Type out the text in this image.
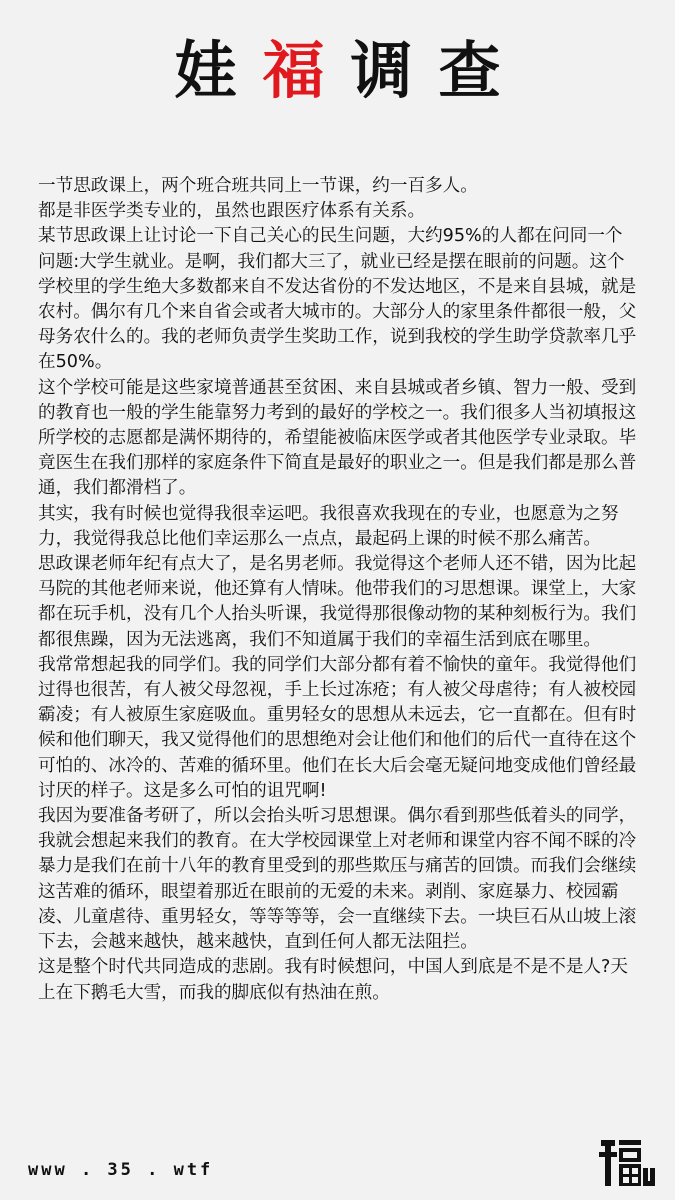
娃福调查

一节思政课上，两个班合班共同上一节课，约一百多人。

都是非医学类专业的，虽然也跟医疗体系有关系。

某节思政课上让讨论一下自己关心的民生问题，大约95%的人都在问同一个问题:大学生就业。是啊，我们都大三了，就业已经是摆在眼前的问题。这个学校里的学生绝大多数都来自不发达省份的不发达地区，不是来自县城，就是农村。偶尔有几个来自省会或者大城市的。大部分人的家里条件都很一般，父母务农什么的。我的老师负责学生奖助工作，说到我校的学生助学贷款率几乎在50%。

这个学校可能是这些家境普通甚至贫困、来自县城或者乡镇、智力一般、受到的教育也一般的学生能靠努力考到的最好的学校之一。我们很多人当初填报这所学校的志愿都是满怀期待的，希望能被临床医学或者其他医学专业录取。毕竟医生在我们那样的家庭条件下简直是最好的职业之一。但是我们都是那么普通，我们都滑档了。

其实，我有时候也觉得我很幸运吧。我很喜欢我现在的专业，也愿意为之努力，我觉得我总比他们幸运那么一点点，最起码上课的时候不那么痛苦。

思政课老师年纪有点大了，是名男老师。我觉得这个老师人还不错，因为比起马院的其他老师来说，他还算有人情味。他带我们的习思想课。课堂上，大家都在玩手机，没有几个人抬头听课，我觉得那很像动物的某种刻板行为。我们都很焦躁，因为无法逃离，我们不知道属于我们的幸福生活到底在哪里。

我常常想起我的同学们。我的同学们大部分都有着不愉快的童年。我觉得他们过得也很苦，有人被父母忽视，手上长过冻疮；有人被父母虐待；有人被校园霸凌；有人被原生家庭吸血。重男轻女的思想从未远去，它一直都在。但有时候和他们聊天，我又觉得他们的思想绝对会让他们和他们的后代一直待在这个可怕的、冰冷的、苦难的循环里。他们在长大后会毫无疑问地变成他们曾经最讨厌的样子。这是多么可怕的诅咒啊!

我因为要准备考研了，所以会抬头听习思想课。偶尔看到那些低着头的同学，我就会想起来我们的教育。在大学校园课堂上对老师和课堂内容不闻不睬的冷暴力是我们在前十八年的教育里受到的那些欺压与痛苦的回馈。而我们会继续这苦难的循环，眼望着那近在眼前的无爱的未来。剥削、家庭暴力、校园霸凌、儿童虐待、重男轻女，等等等等，会一直继续下去。一块巨石从山坡上滚下去，会越来越快，越来越快，直到任何人都无法阻拦。

这是整个时代共同造成的悲剧。我有时候想问，中国人到底是不是不是人?天上在下鹅毛大雪，而我的脚底似有热油在煎。

www . 35 . wtf
